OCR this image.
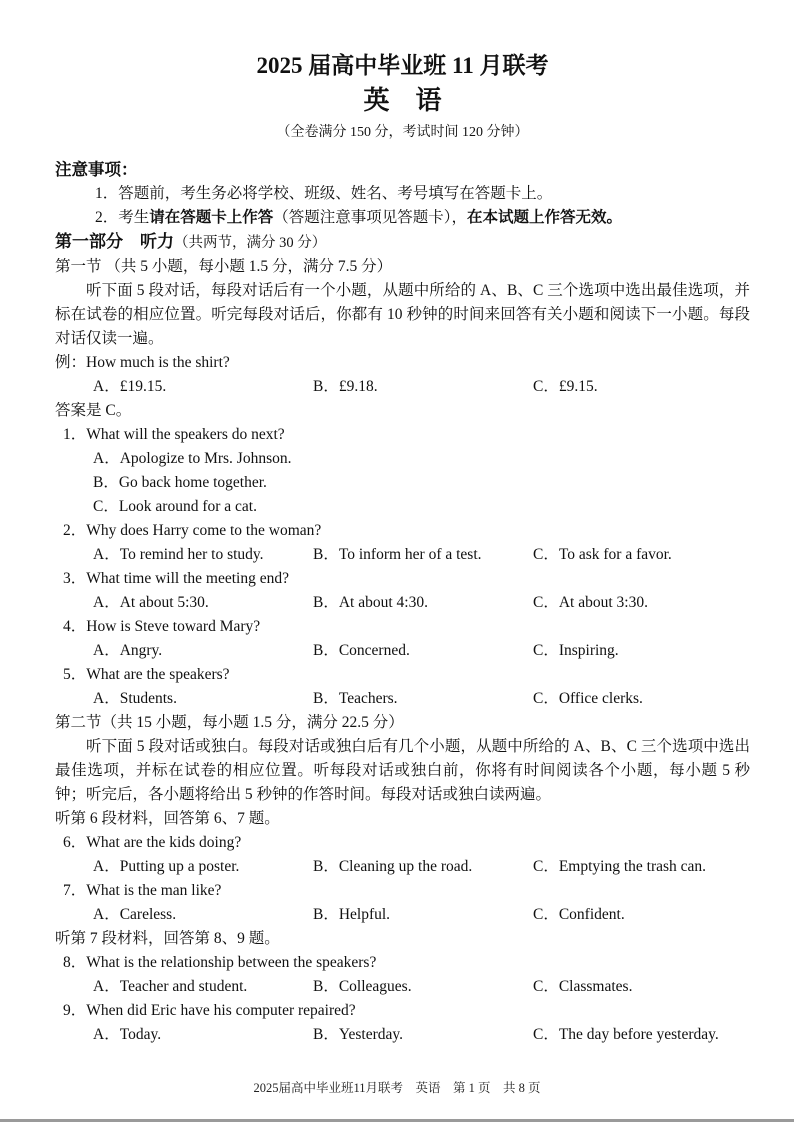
2025 届高中毕业班 11 月联考
英　语
（全卷满分 150 分，考试时间 120 分钟）
注意事项：
1．答题前，考生务必将学校、班级、姓名、考号填写在答题卡上。
2．考生请在答题卡上作答（答题注意事项见答题卡），在本试题上作答无效。
第一部分　听力（共两节，满分 30 分）
第一节 （共 5 小题，每小题 1.5 分，满分 7.5 分）
听下面 5 段对话，每段对话后有一个小题，从题中所给的 A、B、C 三个选项中选出最佳选项，并标在试卷的相应位置。听完每段对话后，你都有 10 秒钟的时间来回答有关小题和阅读下一小题。每段对话仅读一遍。
例：How much is the shirt?
A．£19.15.	B．£9.18.	C．£9.15.
答案是 C。
1．What will the speakers do next?
A．Apologize to Mrs. Johnson.
B．Go back home together.
C．Look around for a cat.
2．Why does Harry come to the woman?
A．To remind her to study.	B．To inform her of a test.	C．To ask for a favor.
3．What time will the meeting end?
A．At about 5:30.	B．At about 4:30.	C．At about 3:30.
4．How is Steve toward Mary?
A．Angry.	B．Concerned.	C．Inspiring.
5．What are the speakers?
A．Students.	B．Teachers.	C．Office clerks.
第二节（共 15 小题，每小题 1.5 分，满分 22.5 分）
听下面 5 段对话或独白。每段对话或独白后有几个小题，从题中所给的 A、B、C 三个选项中选出最佳选项，并标在试卷的相应位置。听每段对话或独白前，你将有时间阅读各个小题，每小题 5 秒钟；听完后，各小题将给出 5 秒钟的作答时间。每段对话或独白读两遍。
听第 6 段材料，回答第 6、7 题。
6．What are the kids doing?
A．Putting up a poster.	B．Cleaning up the road.	C．Emptying the trash can.
7．What is the man like?
A．Careless.	B．Helpful.	C．Confident.
听第 7 段材料，回答第 8、9 题。
8．What is the relationship between the speakers?
A．Teacher and student.	B．Colleagues.	C．Classmates.
9．When did Eric have his computer repaired?
A．Today.	B．Yesterday.	C．The day before yesterday.
2025届高中毕业班11月联考　英语　第 1 页　共 8 页
